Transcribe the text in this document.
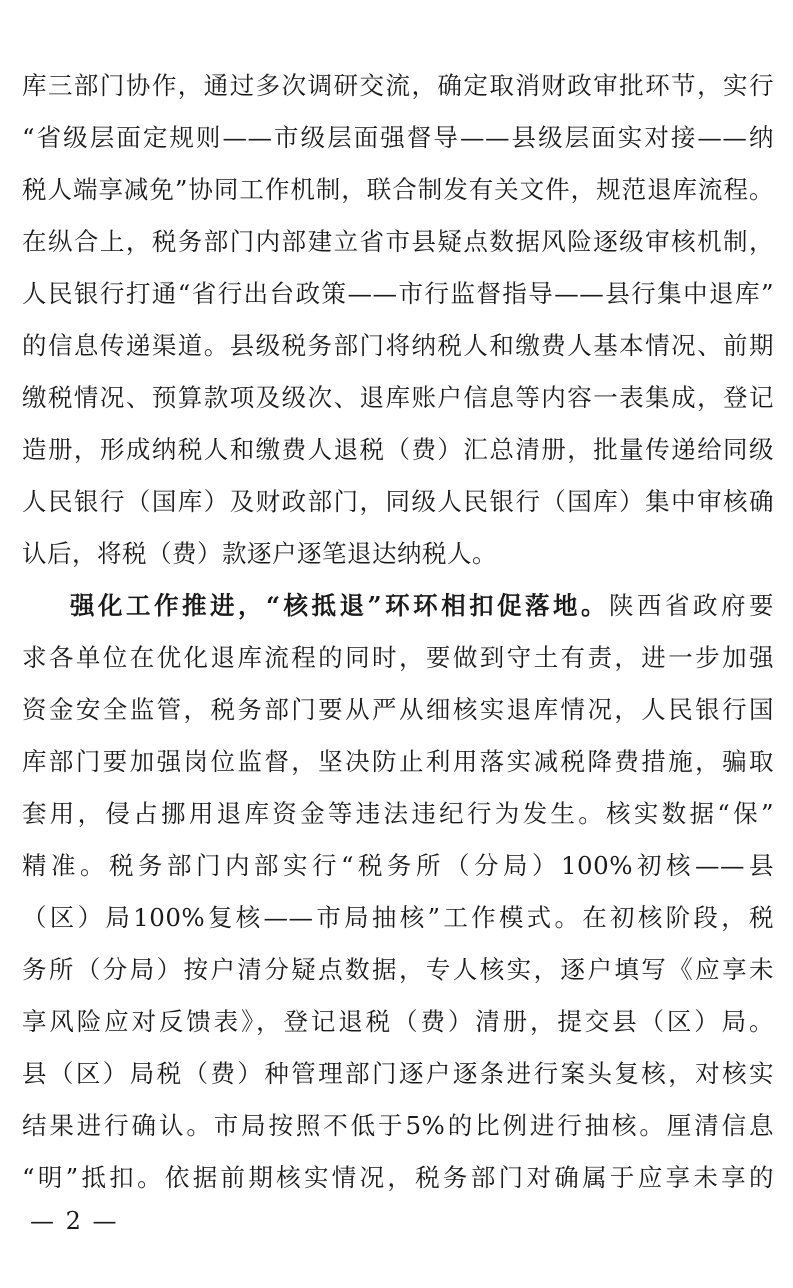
库三部门协作，通过多次调研交流，确定取消财政审批环节，实行
“省级层面定规则——市级层面强督导——县级层面实对接——纳
税人端享减免”协同工作机制，联合制发有关文件，规范退库流程。
在纵合上，税务部门内部建立省市县疑点数据风险逐级审核机制，
人民银行打通“省行出台政策——市行监督指导——县行集中退库”
的信息传递渠道。县级税务部门将纳税人和缴费人基本情况、前期
缴税情况、预算款项及级次、退库账户信息等内容一表集成，登记
造册，形成纳税人和缴费人退税（费）汇总清册，批量传递给同级
人民银行（国库）及财政部门，同级人民银行（国库）集中审核确
认后，将税（费）款逐户逐笔退达纳税人。
强化工作推进，“核抵退”环环相扣促落地。陕西省政府要
求各单位在优化退库流程的同时，要做到守土有责，进一步加强
资金安全监管，税务部门要从严从细核实退库情况，人民银行国
库部门要加强岗位监督，坚决防止利用落实减税降费措施，骗取
套用，侵占挪用退库资金等违法违纪行为发生。核实数据“保”
精准。税务部门内部实行“税务所（分局）100%初核——县
（区）局100%复核——市局抽核”工作模式。在初核阶段，税
务所（分局）按户清分疑点数据，专人核实，逐户填写《应享未
享风险应对反馈表》，登记退税（费）清册，提交县（区）局。
县（区）局税（费）种管理部门逐户逐条进行案头复核，对核实
结果进行确认。市局按照不低于5%的比例进行抽核。厘清信息
“明”抵扣。依据前期核实情况，税务部门对确属于应享未享的
— 2 —
